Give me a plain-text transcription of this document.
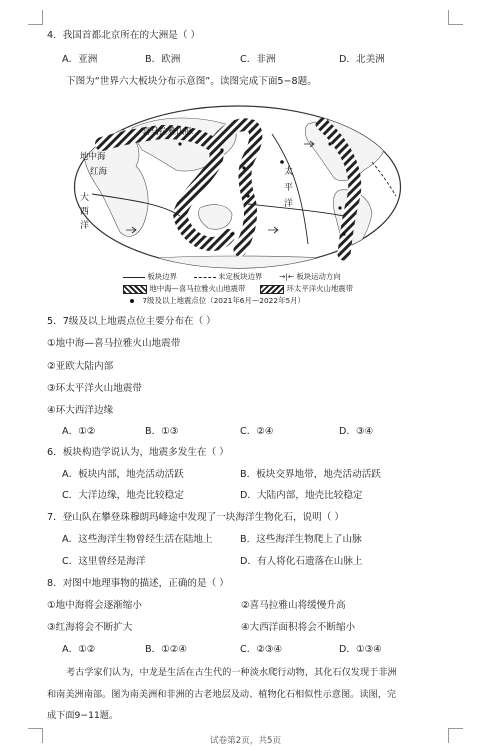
4．我国首都北京所在的大洲是（ ）
A．亚洲	B．欧洲	C．非洲	D．北美洲
下图为“世界六大板块分布示意图”。读图完成下面5−8题。
喜马拉雅山脉
地中海
红海
大
西
洋
太
平
洋
板块边界	未定板块边界 →|← 板块运动方向
地中海—喜马拉雅火山地震带	环太平洋火山地震带
7级及以上地震点位（2021年6月—2022年5月）
5．7级及以上地震点位主要分布在（ ）
①地中海—喜马拉雅火山地震带
②亚欧大陆内部
③环太平洋火山地震带
④环大西洋边缘
A．①②	B．①③	C．②④	D．③④
6．板块构造学说认为，地震多发生在（ ）
A．板块内部，地壳活动活跃	B．板块交界地带，地壳活动活跃
C．大洋边缘，地壳比较稳定	D．大陆内部，地壳比较稳定
7．登山队在攀登珠穆朗玛峰途中发现了一块海洋生物化石，说明（ ）
A．这些海洋生物曾经生活在陆地上	B．这些海洋生物爬上了山脉
C．这里曾经是海洋	D．有人将化石遗落在山脉上
8．对图中地理事物的描述，正确的是（ ）
①地中海将会逐渐缩小	②喜马拉雅山将缓慢升高
③红海将会不断扩大	④大西洋面积将会不断缩小
A．①②	B．①②④	C．②③④	D．①③④
考古学家们认为，中龙是生活在古生代的一种淡水爬行动物，其化石仅发现于非洲
和南美洲南部。图为南美洲和非洲的古老地层及动、植物化石相似性示意图。读图，完
成下面9−11题。
试卷第2页，共5页
